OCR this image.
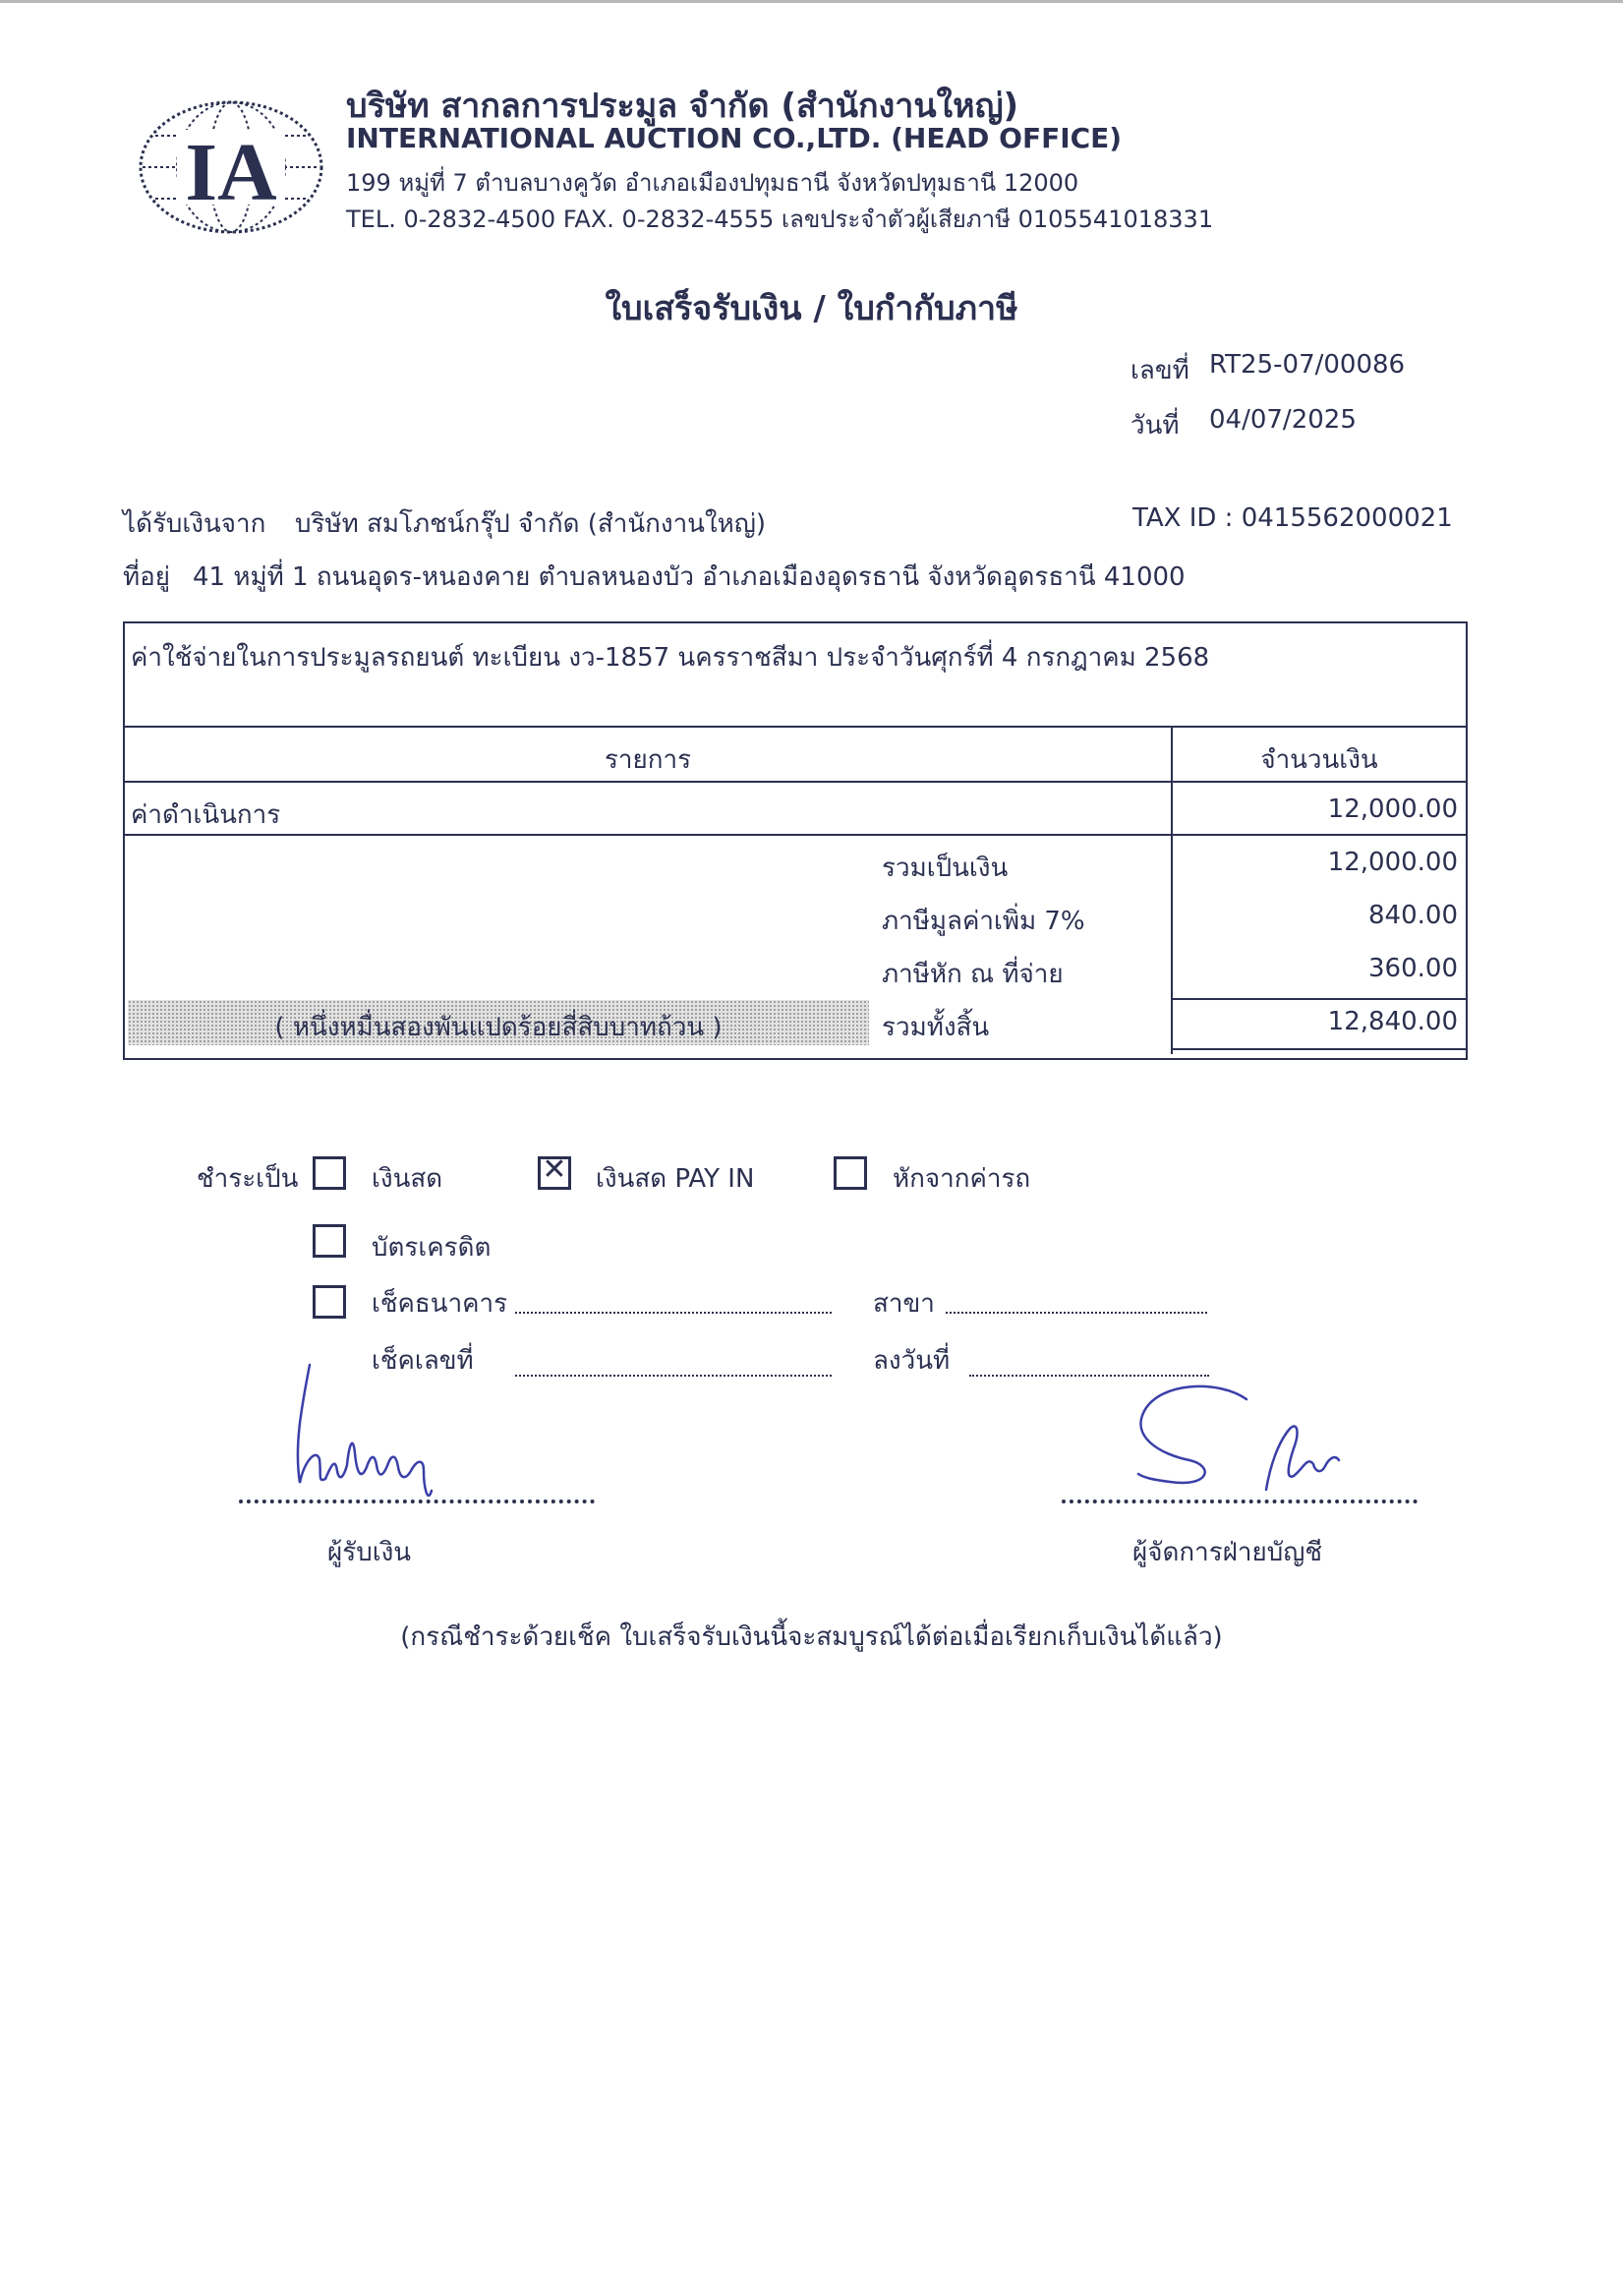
IA
บริษัท สากลการประมูล จำกัด (สำนักงานใหญ่)
INTERNATIONAL AUCTION CO.,LTD. (HEAD OFFICE)
199 หมู่ที่ 7 ตำบลบางคูวัด อำเภอเมืองปทุมธานี จังหวัดปทุมธานี 12000
TEL. 0-2832-4500 FAX. 0-2832-4555 เลขประจำตัวผู้เสียภาษี 0105541018331
ใบเสร็จรับเงิน / ใบกำกับภาษี
เลขที่ RT25-07/00086
วันที่ 04/07/2025
ได้รับเงินจาก บริษัท สมโภชน์กรุ๊ป จำกัด (สำนักงานใหญ่)	TAX ID : 0415562000021
ที่อยู่ 41 หมู่ที่ 1 ถนนอุดร-หนองคาย ตำบลหนองบัว อำเภอเมืองอุดรธานี จังหวัดอุดรธานี 41000
ค่าใช้จ่ายในการประมูลรถยนต์ ทะเบียน งว-1857 นครราชสีมา ประจำวันศุกร์ที่ 4 กรกฎาคม 2568
รายการ	จำนวนเงิน
ค่าดำเนินการ	12,000.00
รวมเป็นเงิน	12,000.00
ภาษีมูลค่าเพิ่ม 7%	840.00
ภาษีหัก ณ ที่จ่าย	360.00
( หนึ่งหมื่นสองพันแปดร้อยสี่สิบบาทถ้วน )	รวมทั้งสิ้น	12,840.00
ชำระเป็น	เงินสด	✕ เงินสด PAY IN	หักจากค่ารถ
บัตรเครดิต
เช็คธนาคาร	สาขา
เช็คเลขที่	ลงวันที่
ผู้รับเงิน	ผู้จัดการฝ่ายบัญชี
(กรณีชำระด้วยเช็ค ใบเสร็จรับเงินนี้จะสมบูรณ์ได้ต่อเมื่อเรียกเก็บเงินได้แล้ว)
